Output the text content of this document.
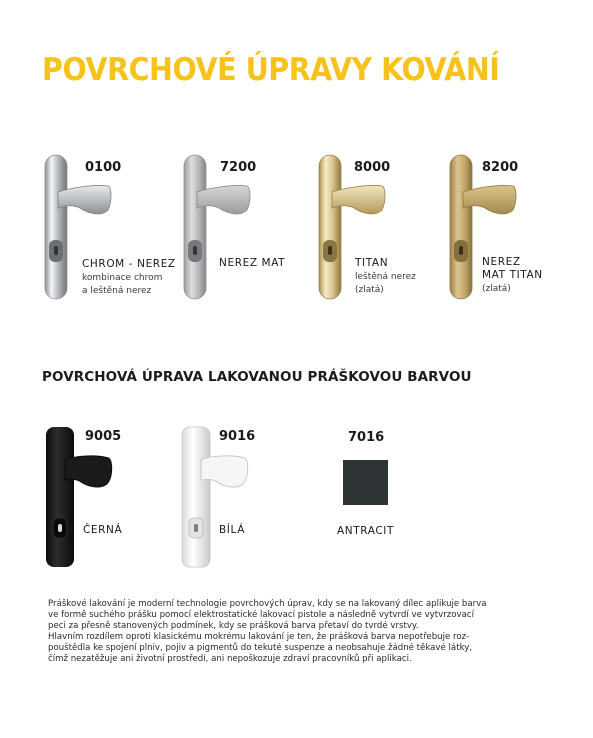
POVRCHOVÉ ÚPRAVY KOVÁNÍ
0100
CHROM - NEREZ
kombinace chrom
a leštěná nerez
7200
NEREZ MAT
8000
TITAN
leštěná nerez
(zlatá)
8200
NEREZ
MAT TITAN
(zlatá)
POVRCHOVÁ ÚPRAVA LAKOVANOU PRÁŠKOVOU BARVOU
9005
ČERNÁ
9016
BÍLÁ
7016
ANTRACIT

Práškové lakování je moderní technologie povrchových úprav, kdy se na lakovaný dílec aplikuje barva
ve formě suchého prášku pomocí elektrostatické lakovací pistole a následně vytvrdí ve vytvrzovací
peci za přesně stanovených podmínek, kdy se prášková barva přetaví do tvrdé vrstvy.
Hlavním rozdílem oproti klasickému mokrému lakování je ten, že prášková barva nepotřebuje roz-
pouštědla ke spojení plniv, pojiv a pigmentů do tekuté suspenze a neobsahuje žádné těkavé látky,
čímž nezatěžuje ani životní prostředí, ani nepoškozuje zdraví pracovníků při aplikaci.
